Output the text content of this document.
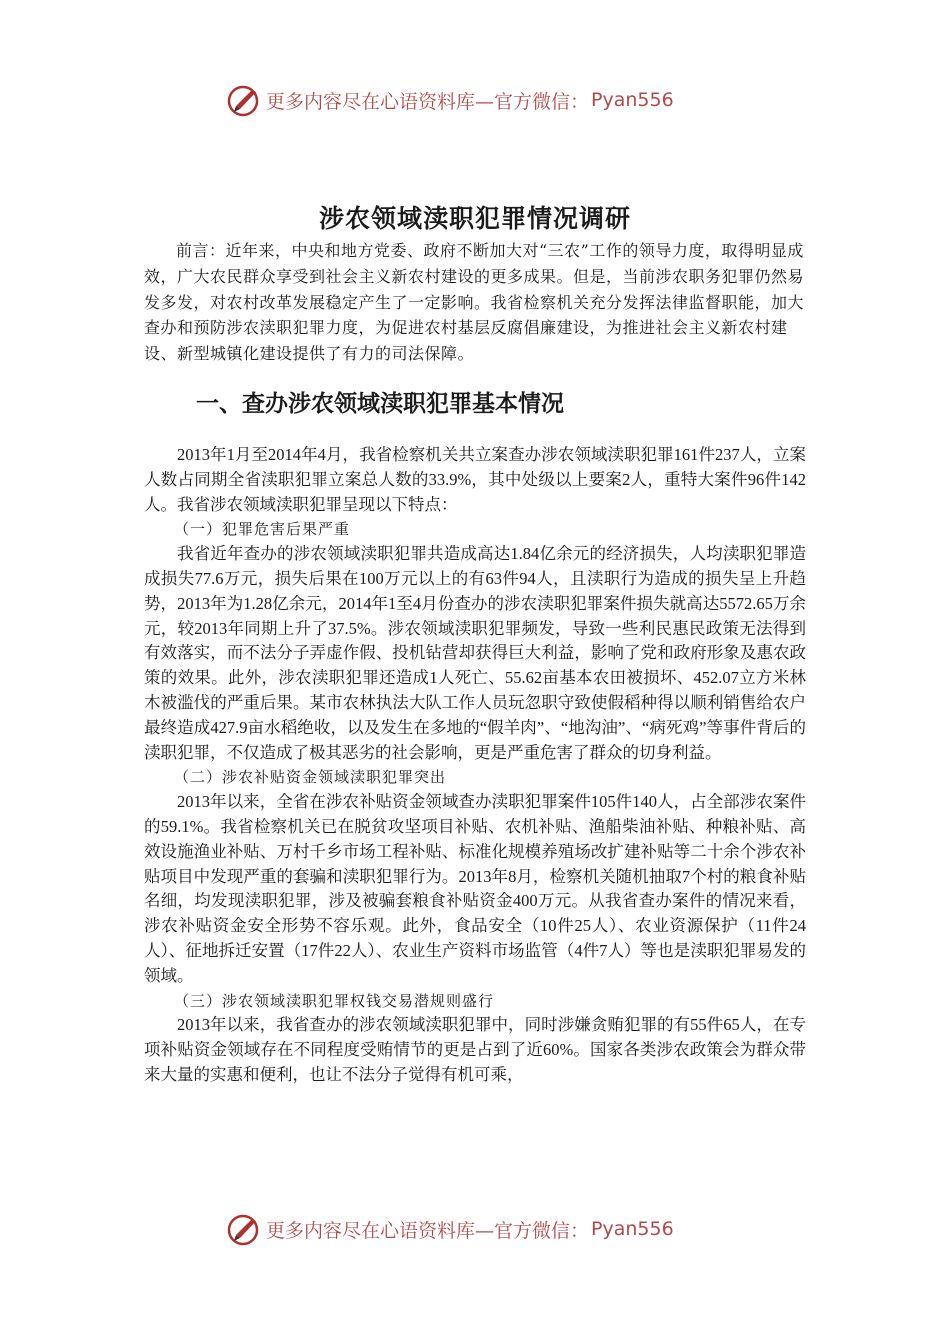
更多内容尽在心语资料库—官方微信： Pyan556
涉农领域渎职犯罪情况调研

前言：近年来，中央和地方党委、政府不断加大对“三农”工作的领导力度，取得明显成效，广大农民群众享受到社会主义新农村建设的更多成果。但是，当前涉农职务犯罪仍然易发多发，对农村改革发展稳定产生了一定影响。我省检察机关充分发挥法律监督职能，加大查办和预防涉农渎职犯罪力度，为促进农村基层反腐倡廉建设，为推进社会主义新农村建设、新型城镇化建设提供了有力的司法保障。

一、查办涉农领域渎职犯罪基本情况

2013年1月至2014年4月，我省检察机关共立案查办涉农领域渎职犯罪161件237人，立案人数占同期全省渎职犯罪立案总人数的33.9%，其中处级以上要案2人，重特大案件96件142人。我省涉农领域渎职犯罪呈现以下特点：

（一）犯罪危害后果严重

我省近年查办的涉农领域渎职犯罪共造成高达1.84亿余元的经济损失，人均渎职犯罪造成损失77.6万元，损失后果在100万元以上的有63件94人，且渎职行为造成的损失呈上升趋势，2013年为1.28亿余元，2014年1至4月份查办的涉农渎职犯罪案件损失就高达5572.65万余元，较2013年同期上升了37.5%。涉农领域渎职犯罪频发，导致一些利民惠民政策无法得到有效落实，而不法分子弄虚作假、投机钻营却获得巨大利益，影响了党和政府形象及惠农政策的效果。此外，涉农渎职犯罪还造成1人死亡、55.62亩基本农田被损坏、452.07立方米林木被滥伐的严重后果。某市农林执法大队工作人员玩忽职守致使假稻种得以顺利销售给农户最终造成427.9亩水稻绝收，以及发生在多地的“假羊肉”、“地沟油”、“病死鸡”等事件背后的渎职犯罪，不仅造成了极其恶劣的社会影响，更是严重危害了群众的切身利益。

（二）涉农补贴资金领域渎职犯罪突出

2013年以来，全省在涉农补贴资金领域查办渎职犯罪案件105件140人，占全部涉农案件的59.1%。我省检察机关已在脱贫攻坚项目补贴、农机补贴、渔船柴油补贴、种粮补贴、高效设施渔业补贴、万村千乡市场工程补贴、标准化规模养殖场改扩建补贴等二十余个涉农补贴项目中发现严重的套骗和渎职犯罪行为。2013年8月，检察机关随机抽取7个村的粮食补贴名细，均发现渎职犯罪，涉及被骗套粮食补贴资金400万元。从我省查办案件的情况来看，涉农补贴资金安全形势不容乐观。此外，食品安全（10件25人）、农业资源保护（11件24人）、征地拆迁安置（17件22人）、农业生产资料市场监管（4件7人）等也是渎职犯罪易发的领域。

（三）涉农领域渎职犯罪权钱交易潜规则盛行

2013年以来，我省查办的涉农领域渎职犯罪中，同时涉嫌贪贿犯罪的有55件65人，在专项补贴资金领域存在不同程度受贿情节的更是占到了近60%。国家各类涉农政策会为群众带来大量的实惠和便利，也让不法分子觉得有机可乘，

更多内容尽在心语资料库—官方微信： Pyan556
